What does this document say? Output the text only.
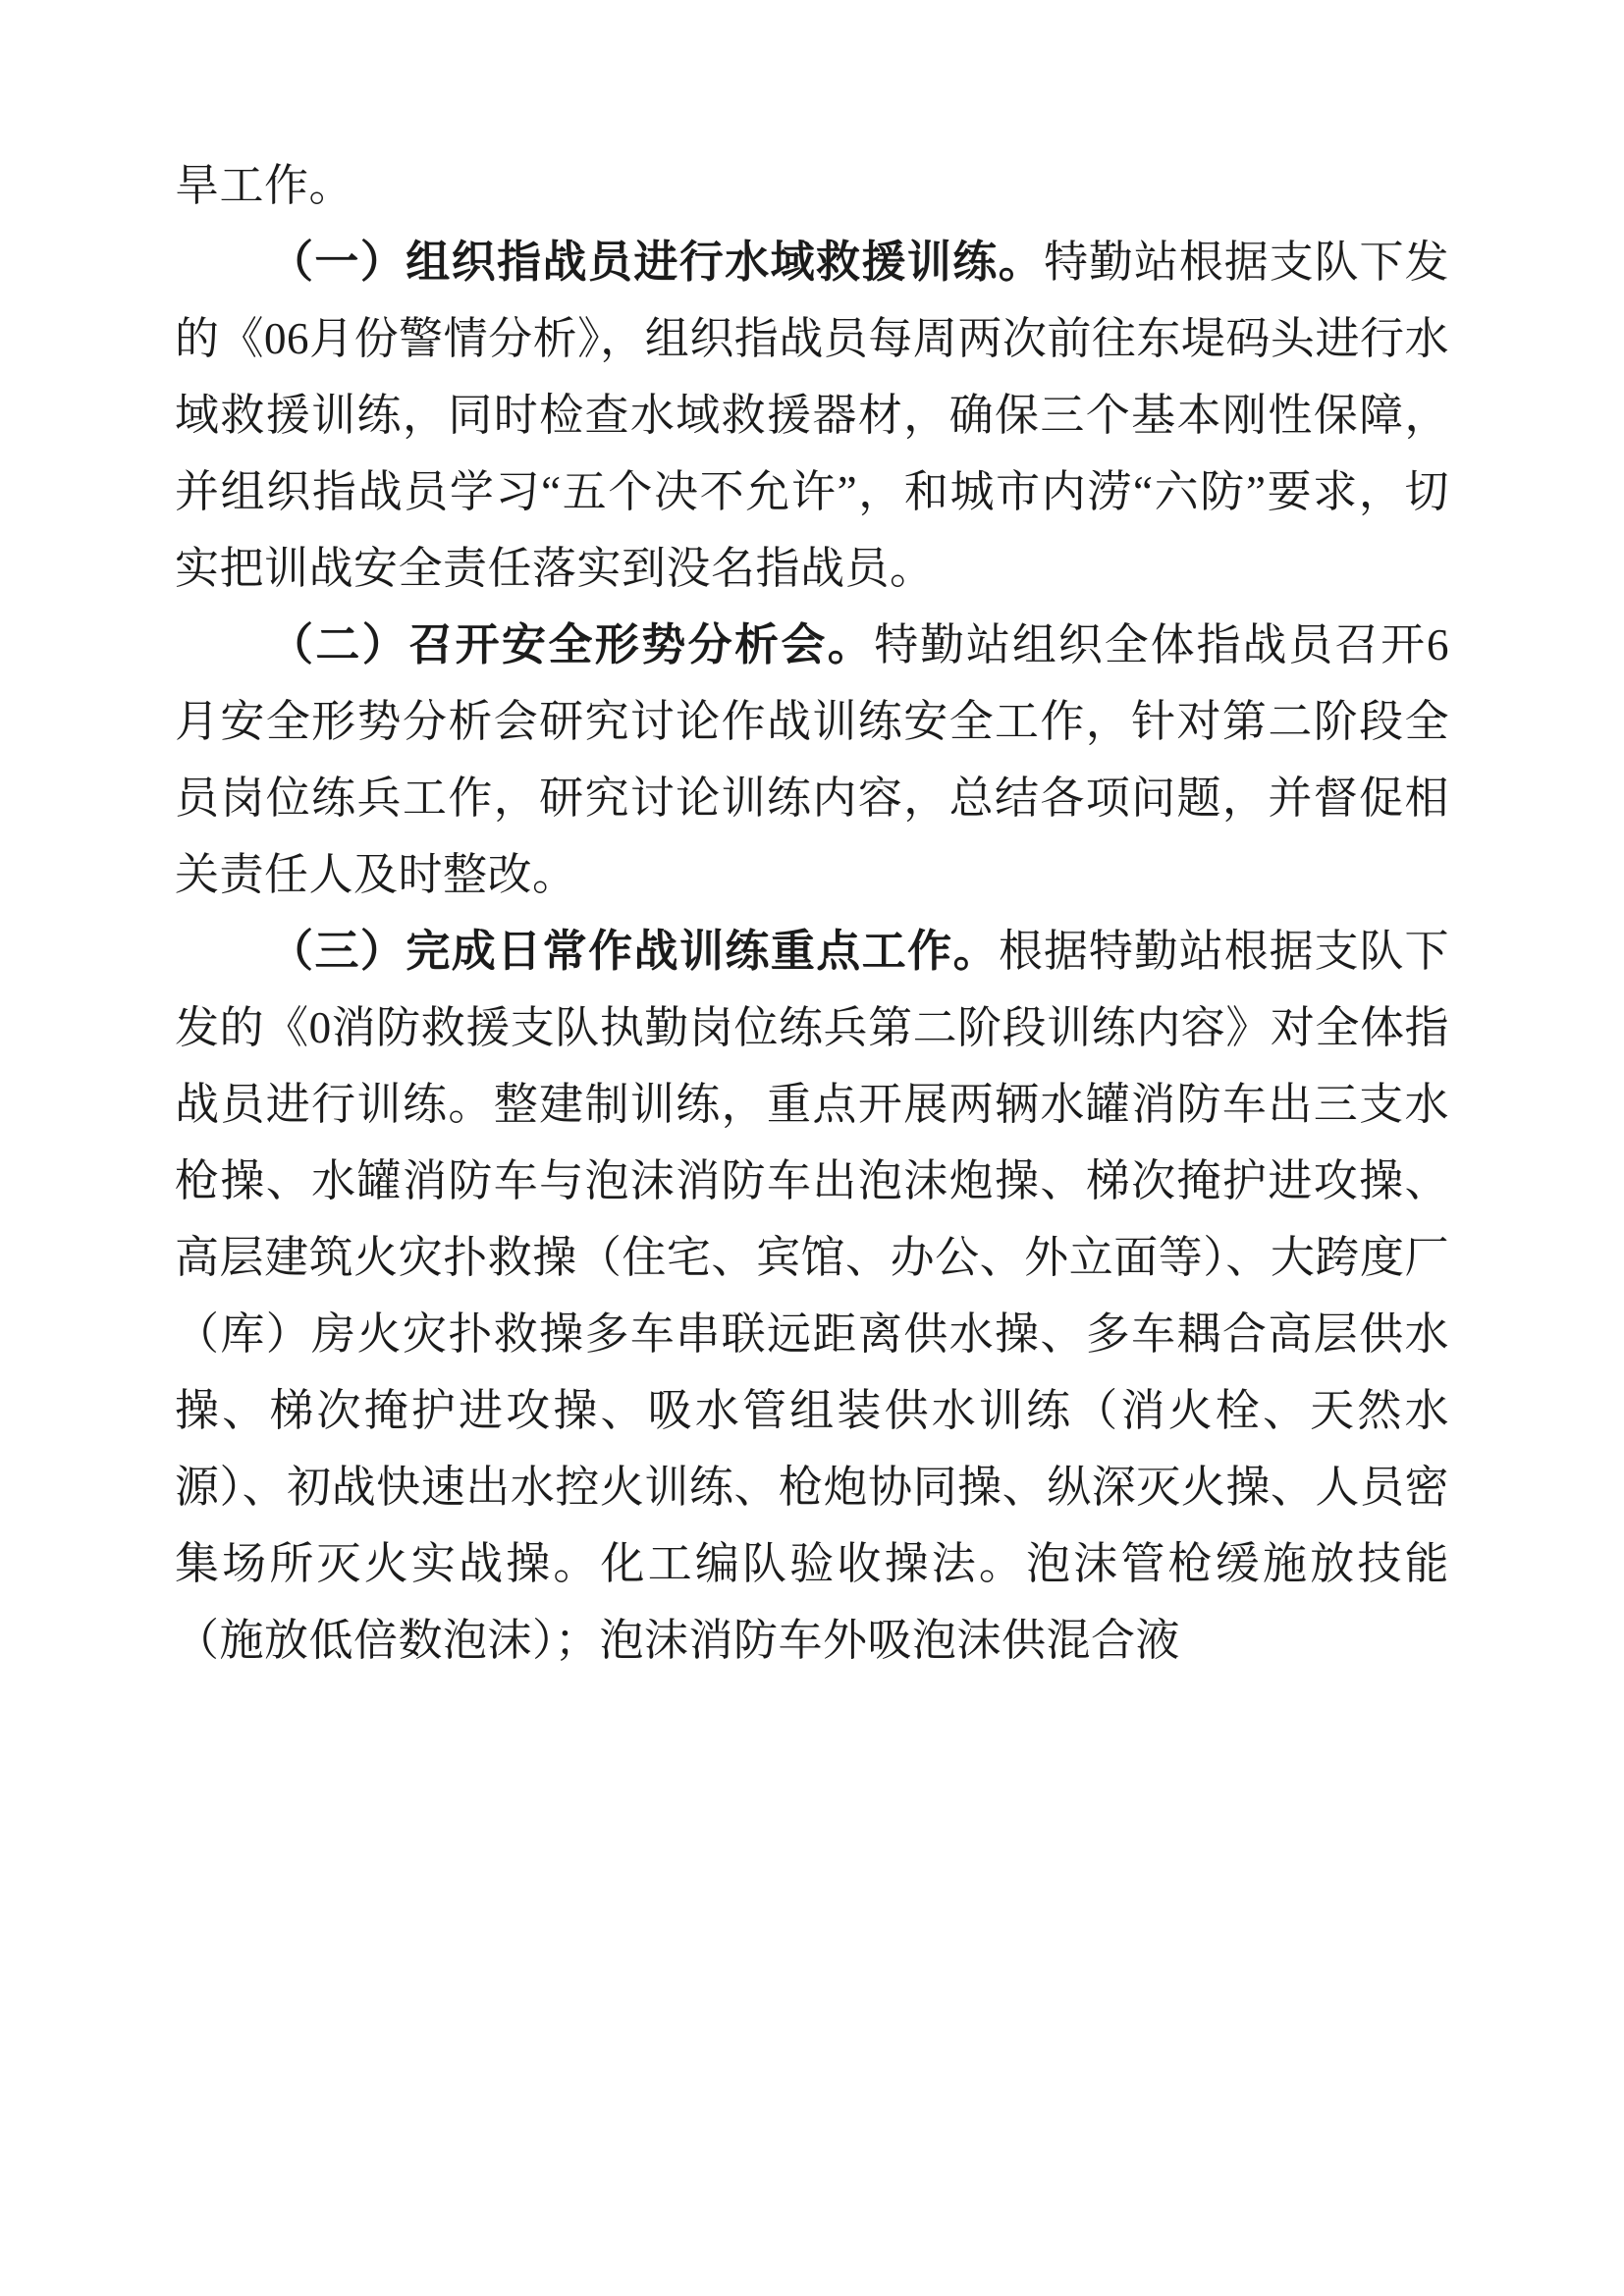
旱工作。

（一）组织指战员进行水域救援训练。特勤站根据支队下发的《06月份警情分析》，组织指战员每周两次前往东堤码头进行水域救援训练，同时检查水域救援器材，确保三个基本刚性保障，并组织指战员学习“五个决不允许”，和城市内涝“六防”要求，切实把训战安全责任落实到没名指战员。

（二）召开安全形势分析会。特勤站组织全体指战员召开6月安全形势分析会研究讨论作战训练安全工作，针对第二阶段全员岗位练兵工作，研究讨论训练内容，总结各项问题，并督促相关责任人及时整改。

（三）完成日常作战训练重点工作。根据特勤站根据支队下发的《0消防救援支队执勤岗位练兵第二阶段训练内容》对全体指战员进行训练。整建制训练，重点开展两辆水罐消防车出三支水枪操、水罐消防车与泡沫消防车出泡沫炮操、梯次掩护进攻操、高层建筑火灾扑救操（住宅、宾馆、办公、外立面等）、大跨度厂（库）房火灾扑救操多车串联远距离供水操、多车耦合高层供水操、梯次掩护进攻操、吸水管组装供水训练（消火栓、天然水源）、初战快速出水控火训练、枪炮协同操、纵深灭火操、人员密集场所灭火实战操。化工编队验收操法。泡沫管枪缓施放技能（施放低倍数泡沫）；泡沫消防车外吸泡沫供混合液
